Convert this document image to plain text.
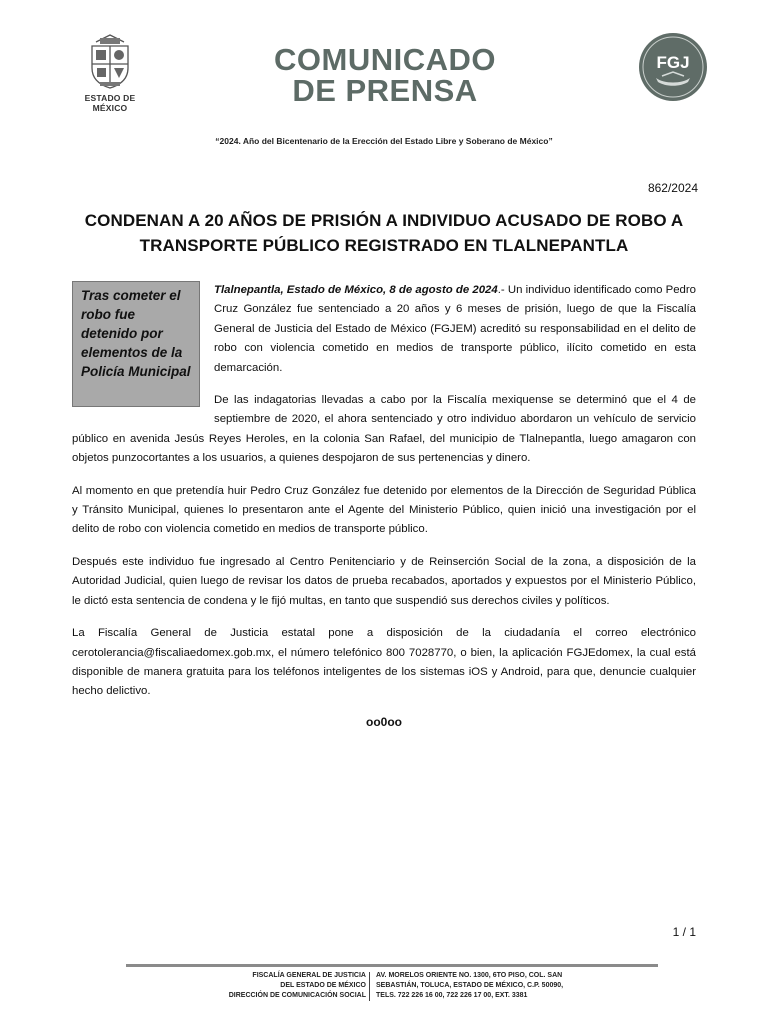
ESTADO DE MÉXICO
COMUNICADO
DE PRENSA
FGJ
“2024. Año del Bicentenario de la Erección del Estado Libre y Soberano de México”
862/2024
CONDENAN A 20 AÑOS DE PRISIÓN A INDIVIDUO ACUSADO DE ROBO A TRANSPORTE PÚBLICO REGISTRADO EN TLALNEPANTLA
Tras cometer el robo fue detenido por elementos de la Policía Municipal

Tlalnepantla, Estado de México, 8 de agosto de 2024.- Un individuo identificado como Pedro Cruz González fue sentenciado a 20 años y 6 meses de prisión, luego de que la Fiscalía General de Justicia del Estado de México (FGJEM) acreditó su responsabilidad en el delito de robo con violencia cometido en medios de transporte público, ilícito cometido en esta demarcación.

De las indagatorias llevadas a cabo por la Fiscalía mexiquense se determinó que el 4 de septiembre de 2020, el ahora sentenciado y otro individuo abordaron un vehículo de servicio público en avenida Jesús Reyes Heroles, en la colonia San Rafael, del municipio de Tlalnepantla, luego amagaron con objetos punzocortantes a los usuarios, a quienes despojaron de sus pertenencias y dinero.

Al momento en que pretendía huir Pedro Cruz González fue detenido por elementos de la Dirección de Seguridad Pública y Tránsito Municipal, quienes lo presentaron ante el Agente del Ministerio Público, quien inició una investigación por el delito de robo con violencia cometido en medios de transporte público.

Después este individuo fue ingresado al Centro Penitenciario y de Reinserción Social de la zona, a disposición de la Autoridad Judicial, quien luego de revisar los datos de prueba recabados, aportados y expuestos por el Ministerio Público, le dictó esta sentencia de condena y le fijó multas, en tanto que suspendió sus derechos civiles y políticos.

La Fiscalía General de Justicia estatal pone a disposición de la ciudadanía el correo electrónico cerotolerancia@fiscaliaedomex.gob.mx, el número telefónico 800 7028770, o bien, la aplicación FGJEdomex, la cual está disponible de manera gratuita para los teléfonos inteligentes de los sistemas iOS y Android, para que, denuncie cualquier hecho delictivo.

oo0oo
1 / 1
FISCALÍA GENERAL DE JUSTICIA
DEL ESTADO DE MÉXICO
DIRECCIÓN DE COMUNICACIÓN SOCIAL
AV. MORELOS ORIENTE NO. 1300, 6TO PISO, COL. SAN
SEBASTIÁN, TOLUCA, ESTADO DE MÉXICO, C.P. 50090,
TELS. 722 226 16 00, 722 226 17 00, EXT. 3381
